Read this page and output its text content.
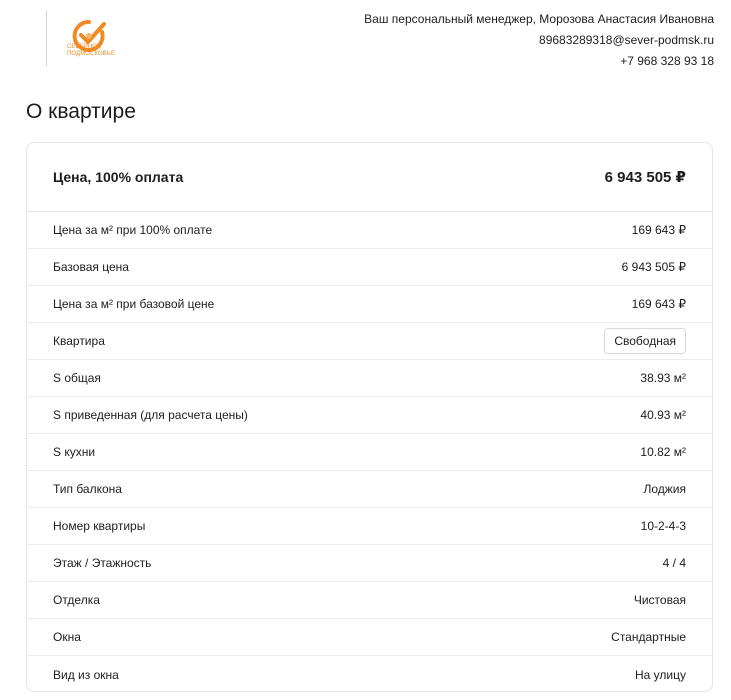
СЕВЕРНОЕ
ПОДМОСКОВЬЕ
Ваш персональный менеджер, Морозова Анастасия Ивановна
89683289318@sever-podmsk.ru
+7 968 328 93 18
О квартире
Цена, 100% оплата	6 943 505 ₽
Цена за м² при 100% оплате	169 643 ₽
Базовая цена	6 943 505 ₽
Цена за м² при базовой цене	169 643 ₽
Квартира	Свободная
S общая	38.93 м²
S приведенная (для расчета цены)	40.93 м²
S кухни	10.82 м²
Тип балкона	Лоджия
Номер квартиры	10-2-4-3
Этаж / Этажность	4 / 4
Отделка	Чистовая
Окна	Стандартные
Вид из окна	На улицу
